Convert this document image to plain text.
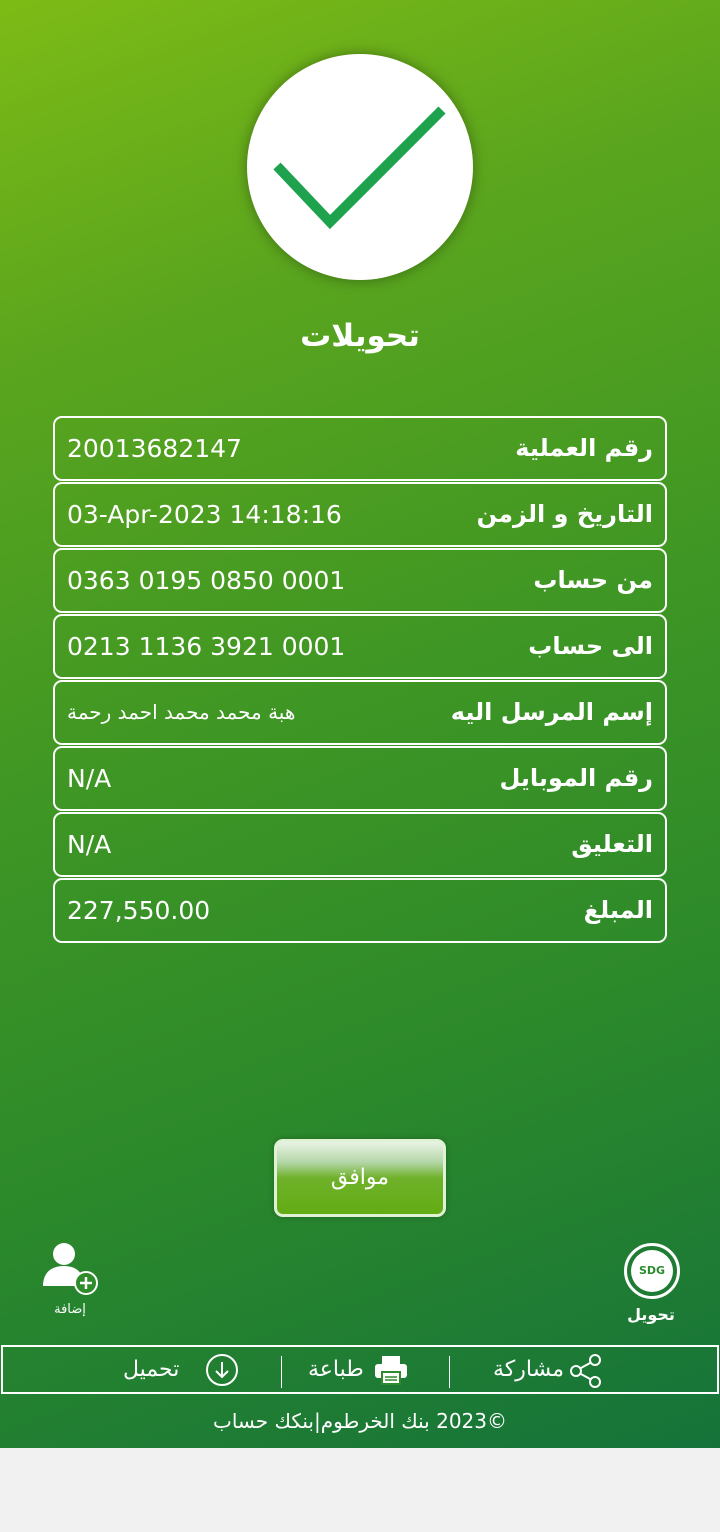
تحويلات
رقم العملية
20013682147
التاريخ و الزمن
03-Apr-2023 14:18:16
من حساب
0363 0195 0850 0001
الى حساب
0213 1136 3921 0001
إسم المرسل اليه
هبة محمد محمد احمد رحمة
رقم الموبايل
N/A
التعليق
N/A
المبلغ
227,550.00
موافق
إضافة
SDG
تحويل
تحميل	طباعة	مشاركة
©2023 بنك الخرطوم|بنكك حساب
